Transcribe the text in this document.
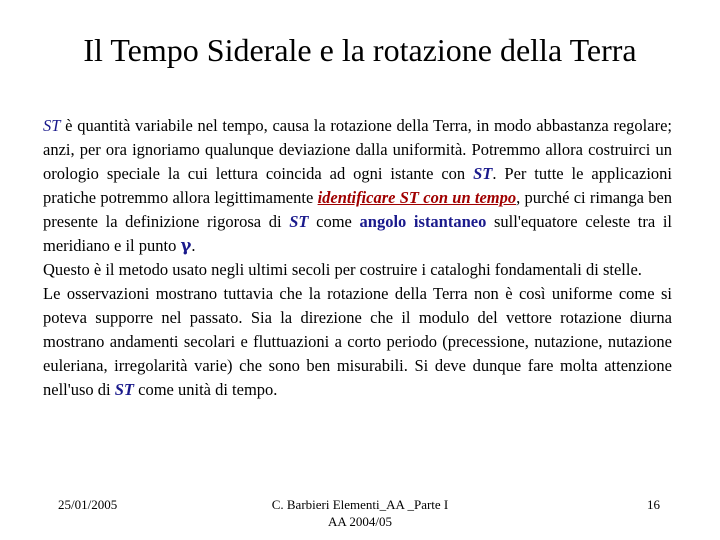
Il Tempo Siderale e la rotazione della Terra

ST è quantità variabile nel tempo, causa la rotazione della Terra, in modo abbastanza regolare; anzi, per ora ignoriamo qualunque deviazione dalla uniformità. Potremmo allora costruirci un orologio speciale la cui lettura coincida ad ogni istante con ST. Per tutte le applicazioni pratiche potremmo allora legittimamente identificare ST con un tempo, purché ci rimanga ben presente la definizione rigorosa di ST come angolo istantaneo sull'equatore celeste tra il meridiano e il punto γ.

Questo è il metodo usato negli ultimi secoli per costruire i cataloghi fondamentali di stelle.

Le osservazioni mostrano tuttavia che la rotazione della Terra non è così uniforme come si poteva supporre nel passato. Sia la direzione che il modulo del vettore rotazione diurna mostrano andamenti secolari e fluttuazioni a corto periodo (precessione, nutazione, nutazione euleriana, irregolarità varie) che sono ben misurabili. Si deve dunque fare molta attenzione nell'uso di ST come unità di tempo.

25/01/2005	C. Barbieri Elementi_AA _Parte I
AA 2004/05
16
